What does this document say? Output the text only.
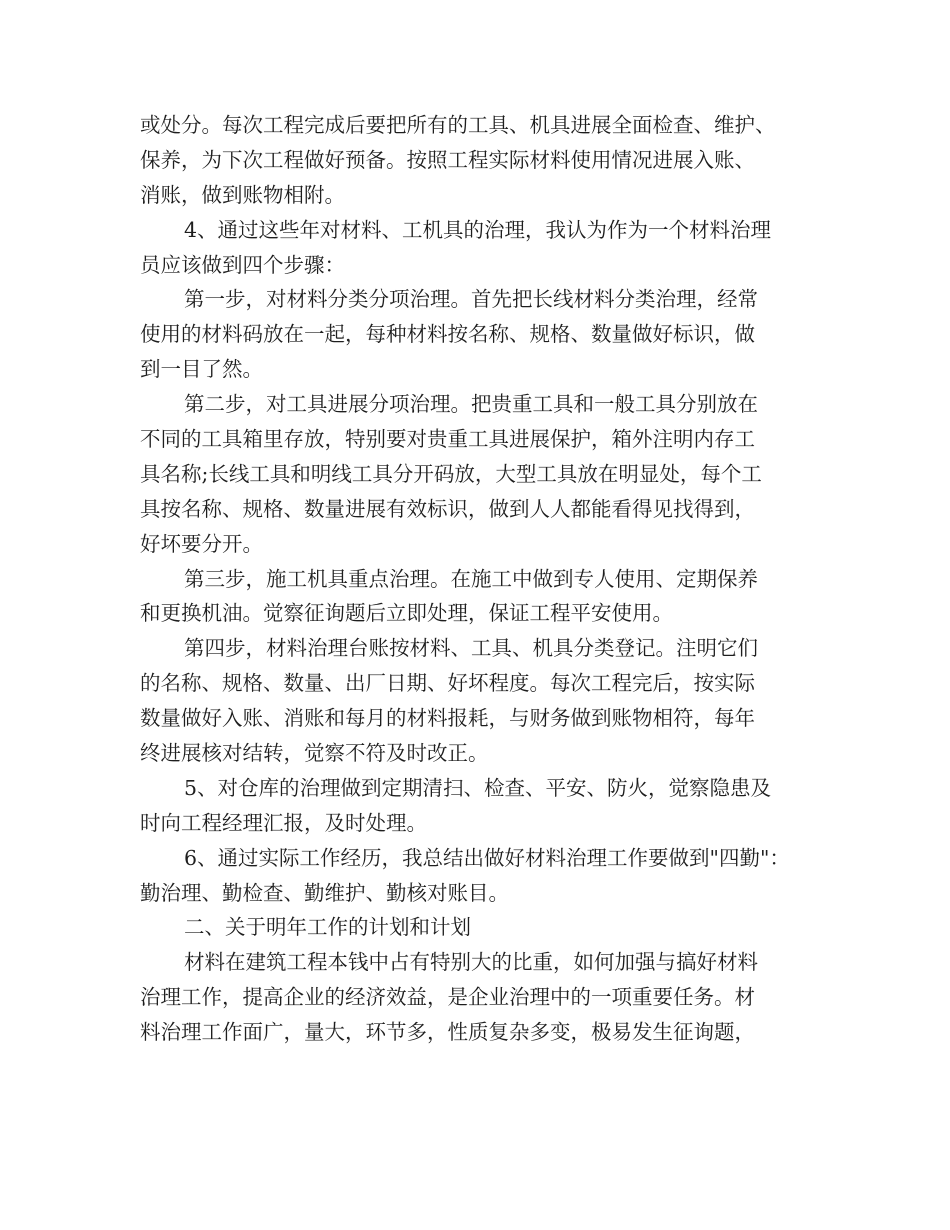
或处分。每次工程完成后要把所有的工具、机具进展全面检查、维护、
保养，为下次工程做好预备。按照工程实际材料使用情况进展入账、
消账，做到账物相附。
4、通过这些年对材料、工机具的治理，我认为作为一个材料治理
员应该做到四个步骤：
第一步，对材料分类分项治理。首先把长线材料分类治理，经常
使用的材料码放在一起，每种材料按名称、规格、数量做好标识，做
到一目了然。
第二步，对工具进展分项治理。把贵重工具和一般工具分别放在
不同的工具箱里存放，特别要对贵重工具进展保护，箱外注明内存工
具名称;长线工具和明线工具分开码放，大型工具放在明显处，每个工
具按名称、规格、数量进展有效标识，做到人人都能看得见找得到，
好坏要分开。
第三步，施工机具重点治理。在施工中做到专人使用、定期保养
和更换机油。觉察征询题后立即处理，保证工程平安使用。
第四步，材料治理台账按材料、工具、机具分类登记。注明它们
的名称、规格、数量、出厂日期、好坏程度。每次工程完后，按实际
数量做好入账、消账和每月的材料报耗，与财务做到账物相符，每年
终进展核对结转，觉察不符及时改正。
5、对仓库的治理做到定期清扫、检查、平安、防火，觉察隐患及
时向工程经理汇报，及时处理。
6、通过实际工作经历，我总结出做好材料治理工作要做到"四勤"：
勤治理、勤检查、勤维护、勤核对账目。
二、关于明年工作的计划和计划
材料在建筑工程本钱中占有特别大的比重，如何加强与搞好材料
治理工作，提高企业的经济效益，是企业治理中的一项重要任务。材
料治理工作面广，量大，环节多，性质复杂多变，极易发生征询题，
